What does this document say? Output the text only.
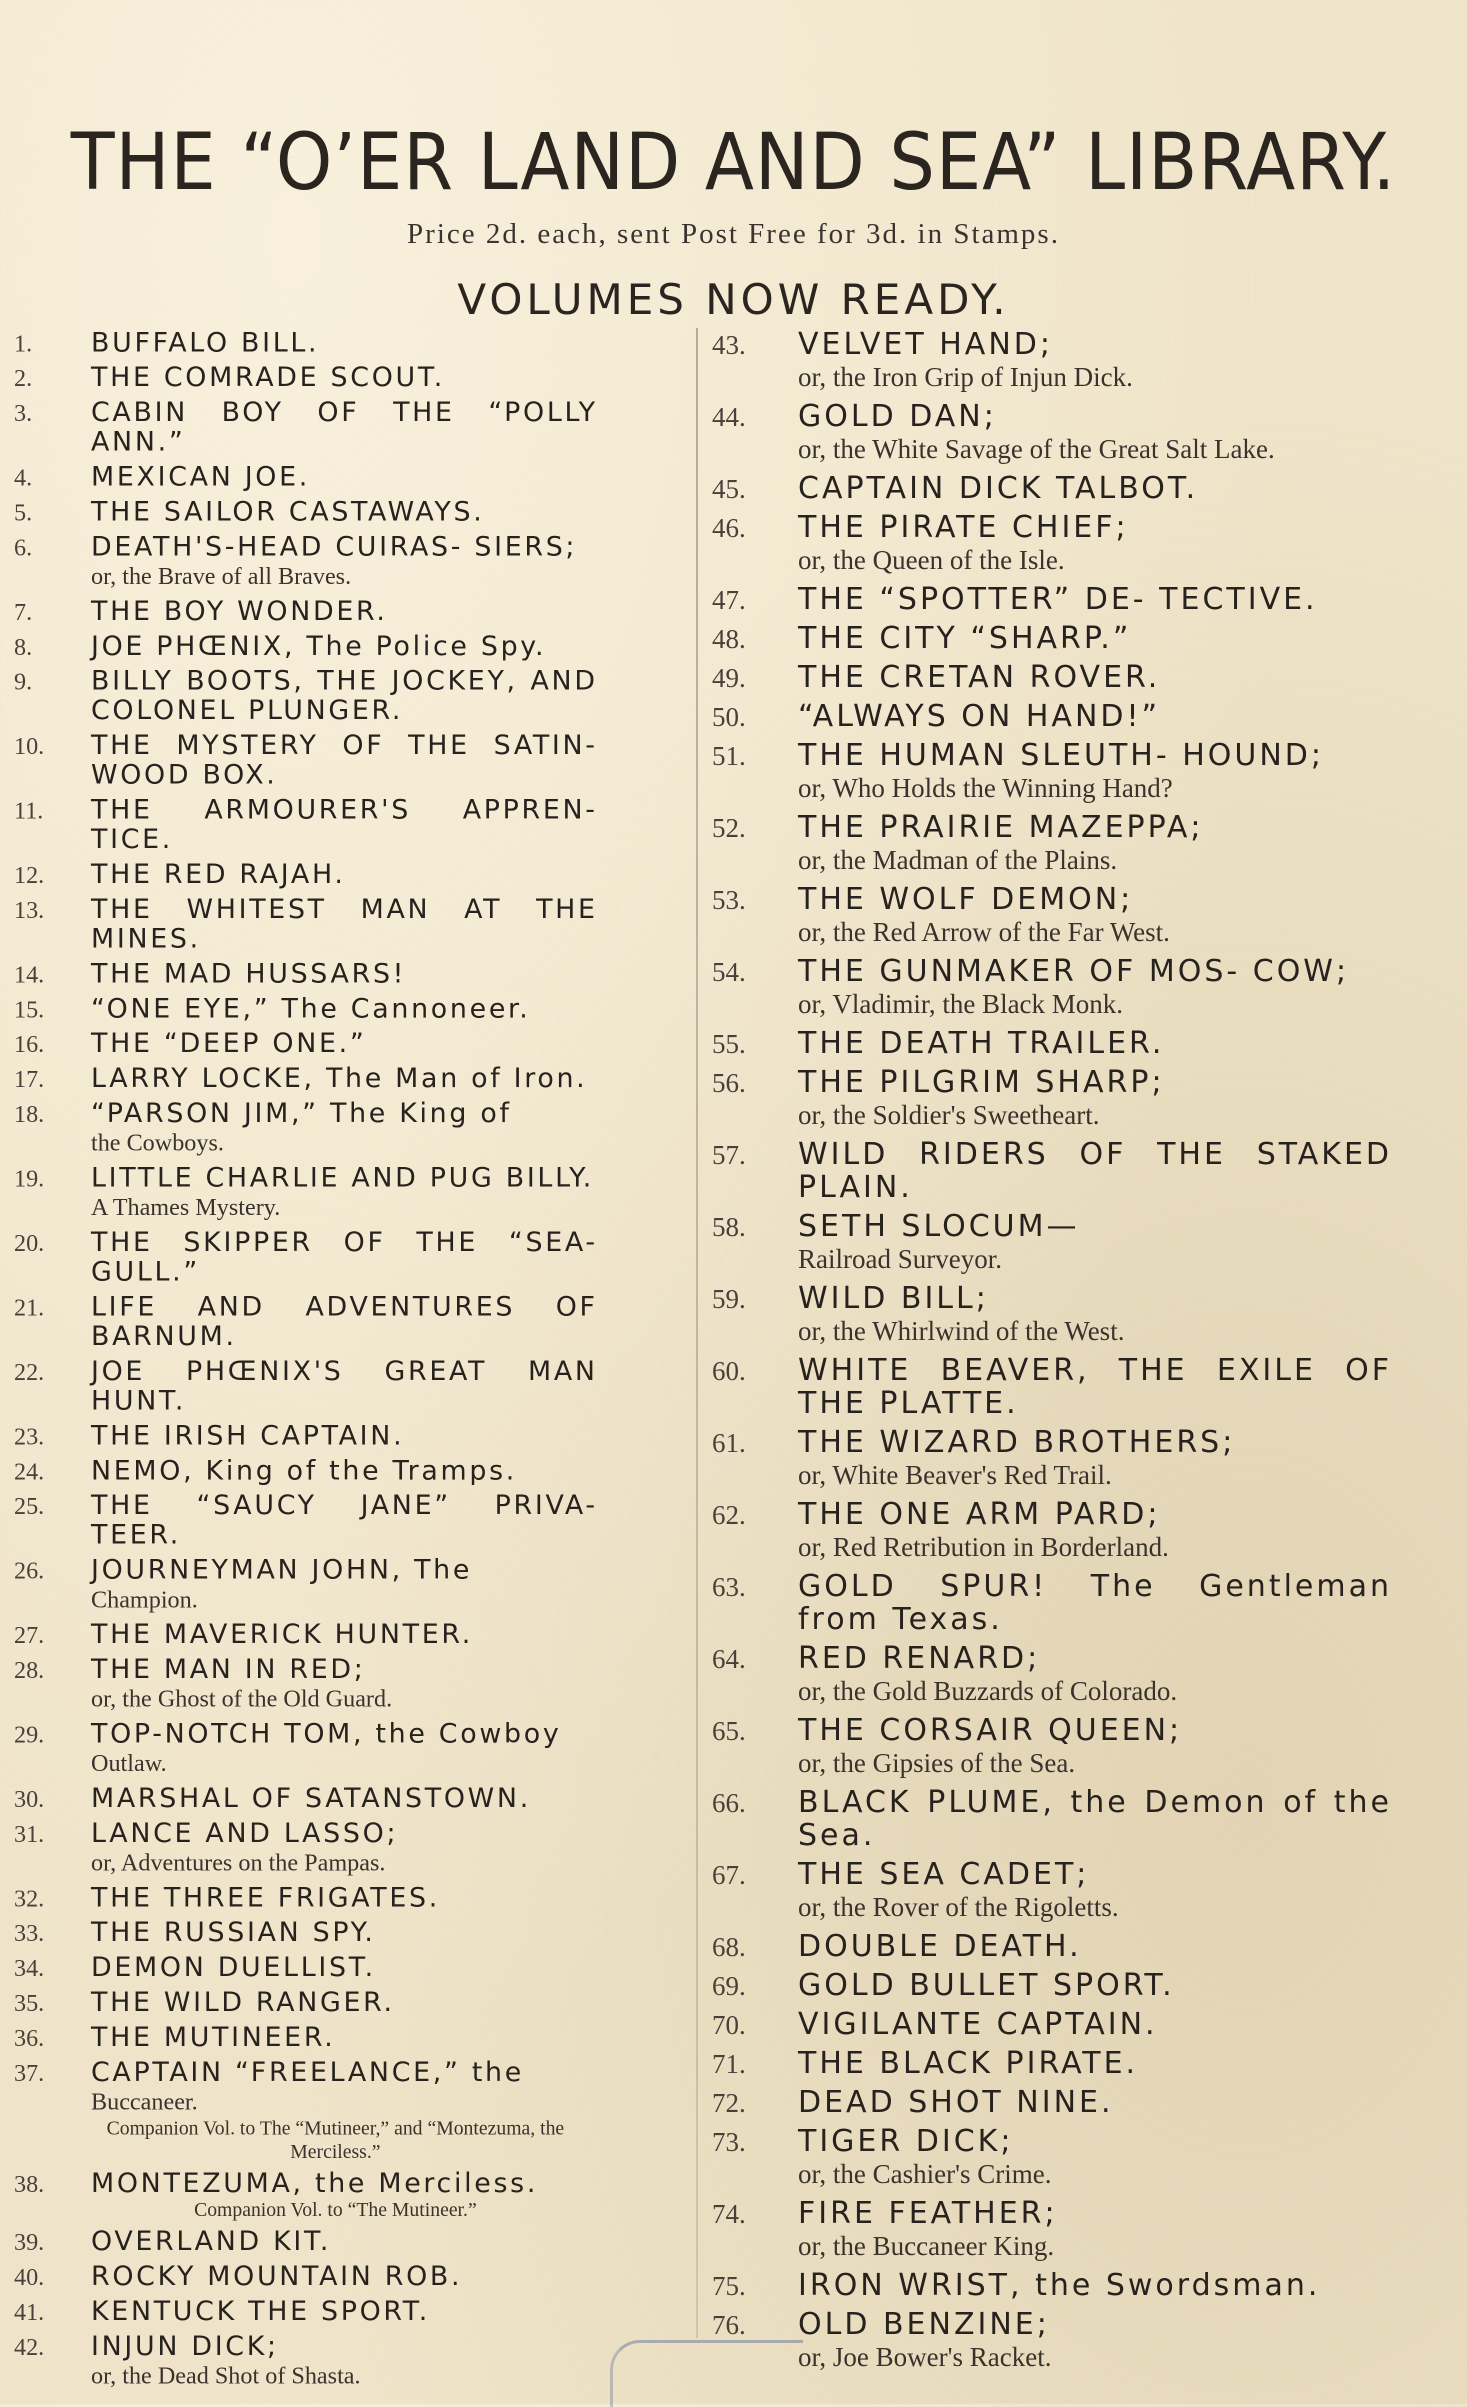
THE “O’ER LAND AND SEA” LIBRARY.
Price 2d. each, sent Post Free for 3d. in Stamps.
VOLUMES NOW READY.
1.	BUFFALO BILL.
2.	THE COMRADE SCOUT.
3.	CABIN BOY OF THE “POLLY ANN.”
4.	MEXICAN JOE.
5.	THE SAILOR CASTAWAYS.
6.	DEATH'S-HEAD CUIRAS- SIERS;
or, the Brave of all Braves.
7.	THE BOY WONDER.
8.	JOE PHŒNIX, The Police Spy.
9.	BILLY BOOTS, THE JOCKEY, AND COLONEL PLUNGER.
10.	THE MYSTERY OF THE SATIN-WOOD BOX.
11.	THE ARMOURER'S APPREN- TICE.
12.	THE RED RAJAH.
13.	THE WHITEST MAN AT THE MINES.
14.	THE MAD HUSSARS!
15.	“ONE EYE,” The Cannoneer.
16.	THE “DEEP ONE.”
17.	LARRY LOCKE, The Man of Iron.
18.	“PARSON JIM,” The King of
the Cowboys.
19.	LITTLE CHARLIE AND PUG BILLY.
A Thames Mystery.
20.	THE SKIPPER OF THE “SEA- GULL.”
21.	LIFE AND ADVENTURES OF BARNUM.
22.	JOE PHŒNIX'S GREAT MAN HUNT.
23.	THE IRISH CAPTAIN.
24.	NEMO, King of the Tramps.
25.	THE “SAUCY JANE” PRIVA- TEER.
26.	JOURNEYMAN JOHN, The
Champion.
27.	THE MAVERICK HUNTER.
28.	THE MAN IN RED;
or, the Ghost of the Old Guard.
29.	TOP-NOTCH TOM, the Cowboy
Outlaw.
30.	MARSHAL OF SATANSTOWN.
31.	LANCE AND LASSO;
or, Adventures on the Pampas.
32.	THE THREE FRIGATES.
33.	THE RUSSIAN SPY.
34.	DEMON DUELLIST.
35.	THE WILD RANGER.
36.	THE MUTINEER.
37.	CAPTAIN “FREELANCE,” the
Buccaneer.
Companion Vol. to The “Mutineer,” and “Montezuma, the Merciless.”
38.	MONTEZUMA, the Merciless.
Companion Vol. to “The Mutineer.”
39.	OVERLAND KIT.
40.	ROCKY MOUNTAIN ROB.
41.	KENTUCK THE SPORT.
42.	INJUN DICK;
or, the Dead Shot of Shasta.
43.	VELVET HAND;
or, the Iron Grip of Injun Dick.
44.	GOLD DAN;
or, the White Savage of the Great Salt Lake.
45.	CAPTAIN DICK TALBOT.
46.	THE PIRATE CHIEF;
or, the Queen of the Isle.
47.	THE “SPOTTER” DE- TECTIVE.
48.	THE CITY “SHARP.”
49.	THE CRETAN ROVER.
50.	“ALWAYS ON HAND!”
51.	THE HUMAN SLEUTH- HOUND;
or, Who Holds the Winning Hand?
52.	THE PRAIRIE MAZEPPA;
or, the Madman of the Plains.
53.	THE WOLF DEMON;
or, the Red Arrow of the Far West.
54.	THE GUNMAKER OF MOS- COW;
or, Vladimir, the Black Monk.
55.	THE DEATH TRAILER.
56.	THE PILGRIM SHARP;
or, the Soldier's Sweetheart.
57.	WILD RIDERS OF THE STAKED PLAIN.
58.	SETH SLOCUM—
Railroad Surveyor.
59.	WILD BILL;
or, the Whirlwind of the West.
60.	WHITE BEAVER, THE EXILE OF THE PLATTE.
61.	THE WIZARD BROTHERS;
or, White Beaver's Red Trail.
62.	THE ONE ARM PARD;
or, Red Retribution in Borderland.
63.	GOLD SPUR! The Gentleman from Texas.
64.	RED RENARD;
or, the Gold Buzzards of Colorado.
65.	THE CORSAIR QUEEN;
or, the Gipsies of the Sea.
66.	BLACK PLUME, the Demon of the Sea.
67.	THE SEA CADET;
or, the Rover of the Rigoletts.
68.	DOUBLE DEATH.
69.	GOLD BULLET SPORT.
70.	VIGILANTE CAPTAIN.
71.	THE BLACK PIRATE.
72.	DEAD SHOT NINE.
73.	TIGER DICK;
or, the Cashier's Crime.
74.	FIRE FEATHER;
or, the Buccaneer King.
75.	IRON WRIST, the Swordsman.
76.	OLD BENZINE;
or, Joe Bower's Racket.
